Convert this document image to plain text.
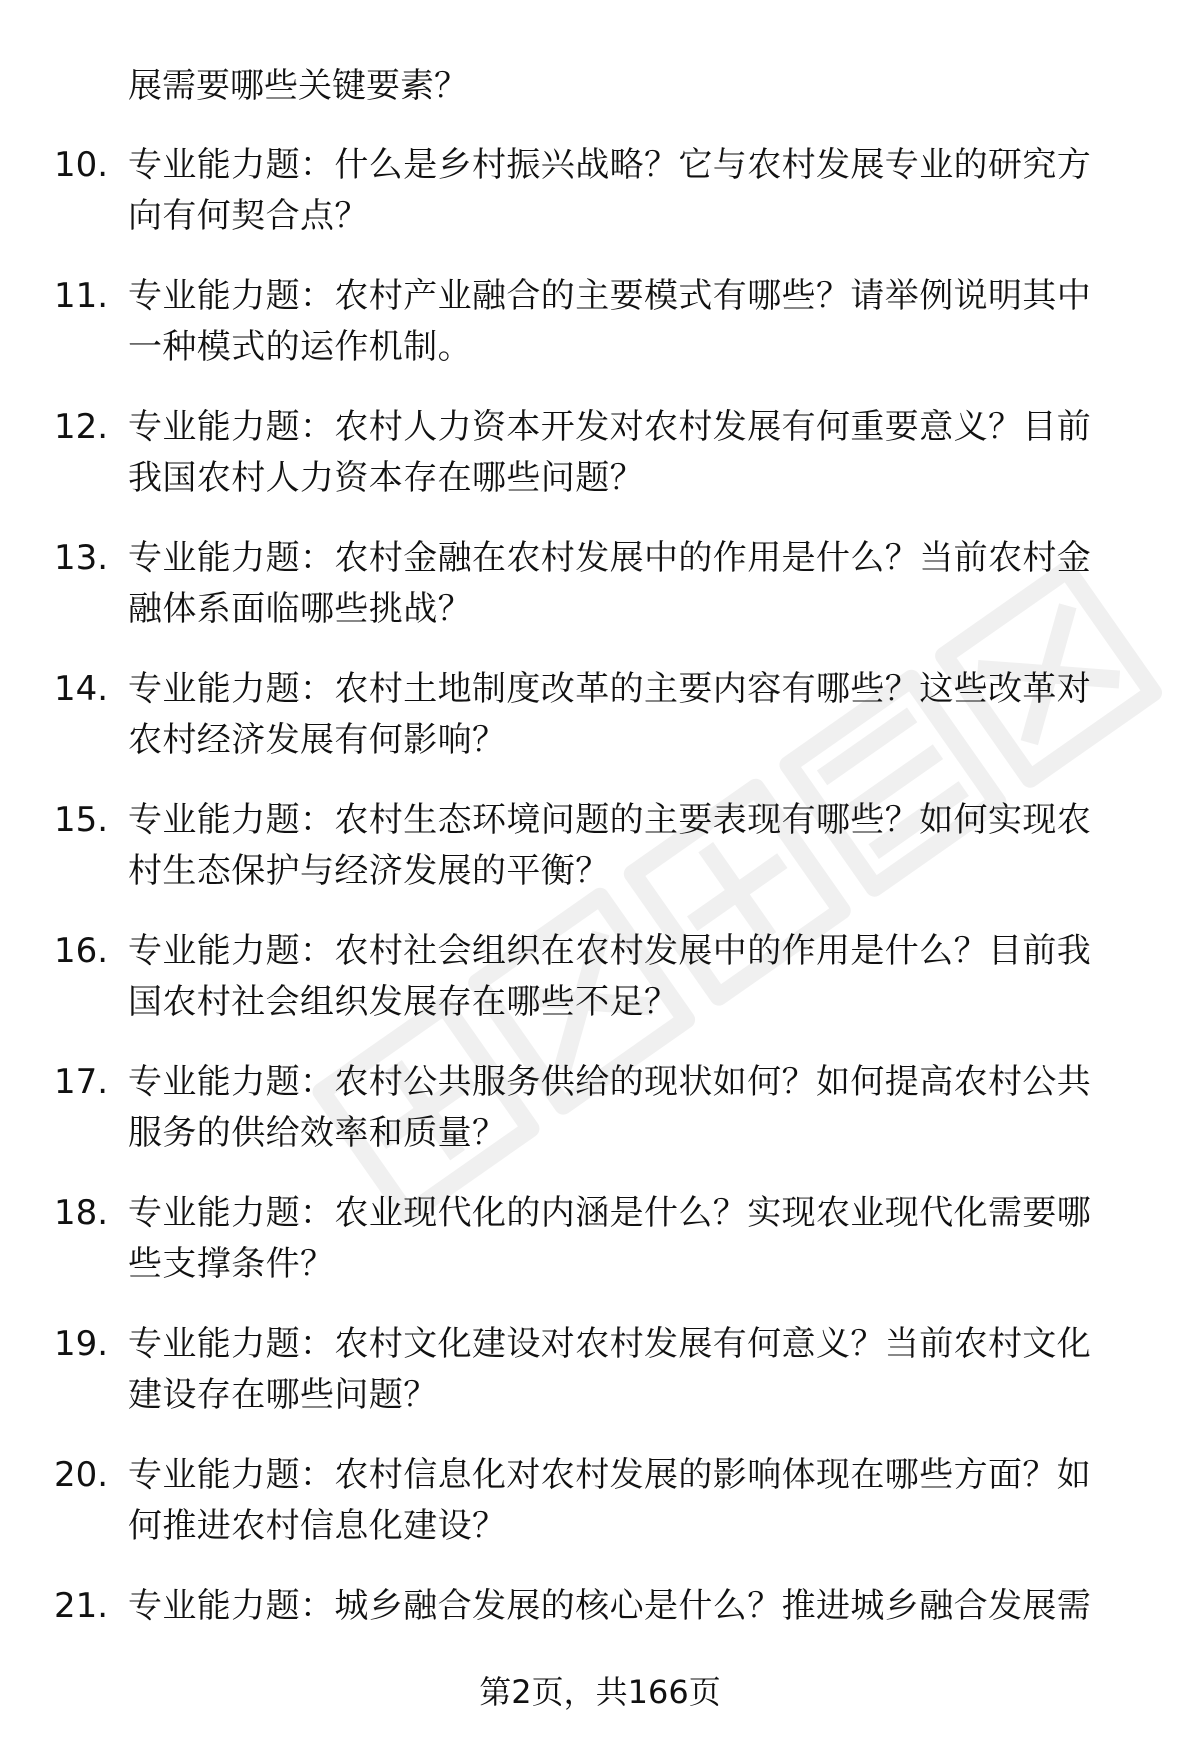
展需要哪些关键要素？
10. 专业能力题：什么是乡村振兴战略？它与农村发展专业的研究方
向有何契合点？
11. 专业能力题：农村产业融合的主要模式有哪些？请举例说明其中
一种模式的运作机制。
12. 专业能力题：农村人力资本开发对农村发展有何重要意义？目前
我国农村人力资本存在哪些问题？
13. 专业能力题：农村金融在农村发展中的作用是什么？当前农村金
融体系面临哪些挑战？
14. 专业能力题：农村土地制度改革的主要内容有哪些？这些改革对
农村经济发展有何影响？
15. 专业能力题：农村生态环境问题的主要表现有哪些？如何实现农
村生态保护与经济发展的平衡？
16. 专业能力题：农村社会组织在农村发展中的作用是什么？目前我
国农村社会组织发展存在哪些不足？
17. 专业能力题：农村公共服务供给的现状如何？如何提高农村公共
服务的供给效率和质量？
18. 专业能力题：农业现代化的内涵是什么？实现农业现代化需要哪
些支撑条件？
19. 专业能力题：农村文化建设对农村发展有何意义？当前农村文化
建设存在哪些问题？
20. 专业能力题：农村信息化对农村发展的影响体现在哪些方面？如
何推进农村信息化建设？
21. 专业能力题：城乡融合发展的核心是什么？推进城乡融合发展需
第2页，共166页
